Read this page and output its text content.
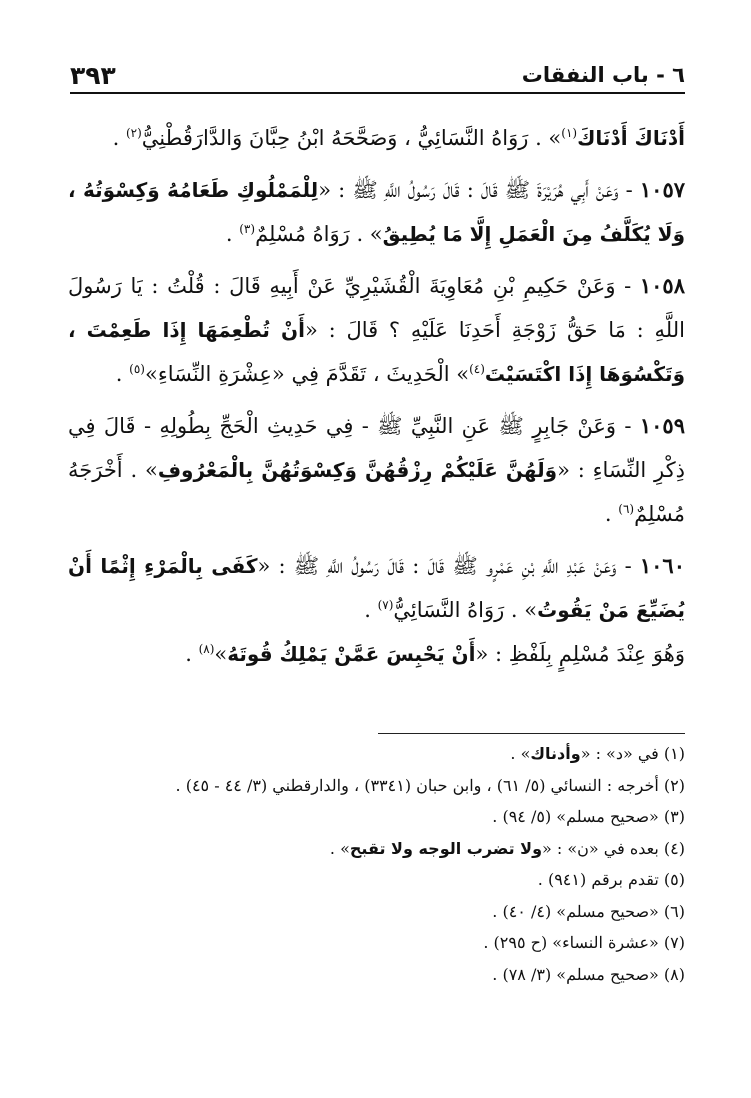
٦ - باب النفقات
٣٩٣

أَدْنَاكَ أَدْنَاكَ$^{(١)}$» . رَوَاهُ النَّسَائِيُّ ، وَصَحَّحَهُ ابْنُ حِبَّانَ وَالدَّارَقُطْنِيُّ$^{(٢)}$ .

١٠٥٧ - وَعَنْ أَبِي هُرَيْرَةَ ﷺ قَالَ : قَالَ رَسُولُ اللَّهِ ﷺ : «لِلْمَمْلُوكِ طَعَامُهُ وَكِسْوَتُهُ ، وَلَا يُكَلَّفُ مِنَ الْعَمَلِ إِلَّا مَا يُطِيقُ» . رَوَاهُ مُسْلِمٌ$^{(٣)}$ .

١٠٥٨ - وَعَنْ حَكِيمِ بْنِ مُعَاوِيَةَ الْقُشَيْرِيِّ عَنْ أَبِيهِ قَالَ : قُلْتُ : يَا رَسُولَ اللَّهِ : مَا حَقُّ زَوْجَةِ أَحَدِنَا عَلَيْهِ ؟ قَالَ : «أَنْ تُطْعِمَهَا إِذَا طَعِمْتَ ، وَتَكْسُوَهَا إِذَا اكْتَسَيْتَ$^{(٤)}$» الْحَدِيثَ ، تَقَدَّمَ فِي «عِشْرَةِ النِّسَاءِ»$^{(٥)}$ .

١٠٥٩ - وَعَنْ جَابِرٍ ﷺ عَنِ النَّبِيِّ ﷺ - فِي حَدِيثِ الْحَجِّ بِطُولِهِ - قَالَ فِي ذِكْرِ النِّسَاءِ : «وَلَهُنَّ عَلَيْكُمْ رِزْقُهُنَّ وَكِسْوَتُهُنَّ بِالْمَعْرُوفِ» . أَخْرَجَهُ مُسْلِمٌ$^{(٦)}$ .

١٠٦٠ - وَعَنْ عَبْدِ اللَّهِ بْنِ عَمْرٍو ﷺ قَالَ : قَالَ رَسُولُ اللَّهِ ﷺ : «كَفَى بِالْمَرْءِ إِثْمًا أَنْ يُضَيِّعَ مَنْ يَقُوتُ» . رَوَاهُ النَّسَائِيُّ$^{(٧)}$ .

وَهُوَ عِنْدَ مُسْلِمٍ بِلَفْظِ : «أَنْ يَحْبِسَ عَمَّنْ يَمْلِكُ قُوتَهُ»$^{(٨)}$ .

(١) في «د» : «وأدناك» .
(٢) أخرجه : النسائي (٥/ ٦١) ، وابن حبان (٣٣٤١) ، والدارقطني (٣/ ٤٤ - ٤٥) .
(٣) «صحيح مسلم» (٥/ ٩٤) .
(٤) بعده في «ن» : «ولا تضرب الوجه ولا تقبح» .
(٥) تقدم برقم (٩٤١) .
(٦) «صحيح مسلم» (٤/ ٤٠) .
(٧) «عشرة النساء» (ح ٢٩٥) .
(٨) «صحيح مسلم» (٣/ ٧٨) .
